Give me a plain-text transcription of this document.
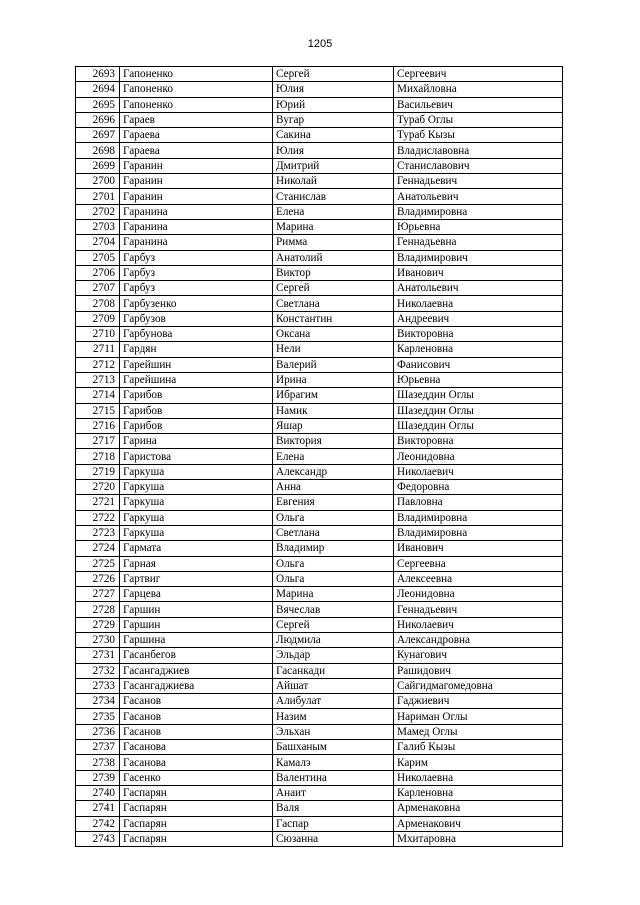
1205
2693	Гапоненко	Сергей	Сергеевич
2694	Гапоненко	Юлия	Михайловна
2695	Гапоненко	Юрий	Васильевич
2696	Гараев	Вугар	Тураб Оглы
2697	Гараева	Сакина	Тураб Кызы
2698	Гараева	Юлия	Владиславовна
2699	Гаранин	Дмитрий	Станиславович
2700	Гаранин	Николай	Геннадьевич
2701	Гаранин	Станислав	Анатольевич
2702	Гаранина	Елена	Владимировна
2703	Гаранина	Марина	Юрьевна
2704	Гаранина	Римма	Геннадьевна
2705	Гарбуз	Анатолий	Владимирович
2706	Гарбуз	Виктор	Иванович
2707	Гарбуз	Сергей	Анатольевич
2708	Гарбузенко	Светлана	Николаевна
2709	Гарбузов	Константин	Андреевич
2710	Гарбунова	Оксана	Викторовна
2711	Гардян	Нели	Карленовна
2712	Гарейшин	Валерий	Фанисович
2713	Гарейшина	Ирина	Юрьевна
2714	Гарибов	Ибрагим	Шазеддин Оглы
2715	Гарибов	Намик	Шазеддин Оглы
2716	Гарибов	Яшар	Шазеддин Оглы
2717	Гарина	Виктория	Викторовна
2718	Гаристова	Елена	Леонидовна
2719	Гаркуша	Александр	Николаевич
2720	Гаркуша	Анна	Федоровна
2721	Гаркуша	Евгения	Павловна
2722	Гаркуша	Ольга	Владимировна
2723	Гаркуша	Светлана	Владимировна
2724	Гармата	Владимир	Иванович
2725	Гарная	Ольга	Сергеевна
2726	Гартвиг	Ольга	Алексеевна
2727	Гарцева	Марина	Леонидовна
2728	Гаршин	Вячеслав	Геннадьевич
2729	Гаршин	Сергей	Николаевич
2730	Гаршина	Людмила	Александровна
2731	Гасанбегов	Эльдар	Кунагович
2732	Гасангаджиев	Гасанкади	Рашидович
2733	Гасангаджиева	Айшат	Сайгидмагомедовна
2734	Гасанов	Алибулат	Гаджиевич
2735	Гасанов	Назим	Нариман Оглы
2736	Гасанов	Эльхан	Мамед Оглы
2737	Гасанова	Башханым	Галиб Кызы
2738	Гасанова	Камалэ	Карим
2739	Гасенко	Валентина	Николаевна
2740	Гаспарян	Анаит	Карленовна
2741	Гаспарян	Валя	Арменаковна
2742	Гаспарян	Гаспар	Арменакович
2743	Гаспарян	Сюзанна	Мхитаровна
